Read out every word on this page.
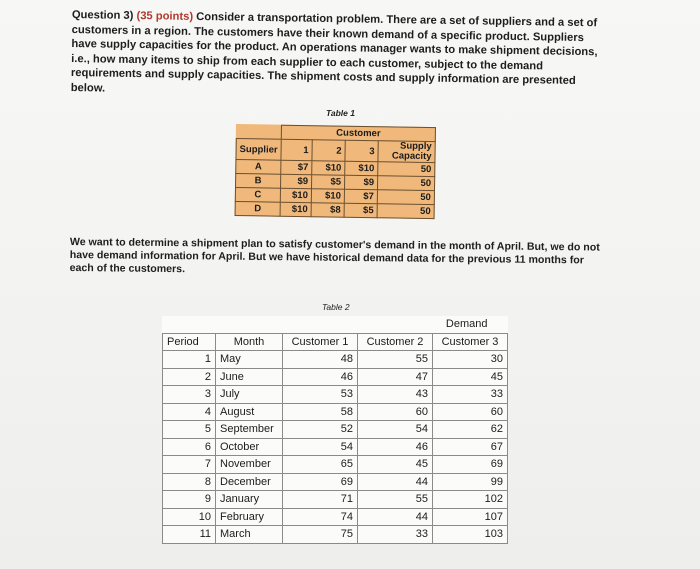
Question 3) (35 points) Consider a transportation problem. There are a set of suppliers and a set of customers in a region. The customers have their known demand of a specific product. Suppliers have supply capacities for the product. An operations manager wants to make shipment decisions, i.e., how many items to ship from each supplier to each customer, subject to the demand requirements and supply capacities. The shipment costs and supply information are presented below.
Table 1
	Customer			
Supplier	1	2	3	Supply
Capacity

A	$7	$10	$10	50
B	$9	$5	$9	50
C	$10	$10	$7	50
D	$10	$8	$5	50
We want to determine a shipment plan to satisfy customer's demand in the month of April. But, we do not have demand information for April. But we have historical demand data for the previous 11 months for each of the customers.
Table 2
			Demand	
Period	Month	Customer 1	Customer 2	Customer 3
1	May	48	55	30
2	June	46	47	45
3	July	53	43	33
4	August	58	60	60
5	September	52	54	62
6	October	54	46	67
7	November	65	45	69
8	December	69	44	99
9	January	71	55	102
10	February	74	44	107
11	March	75	33	103
